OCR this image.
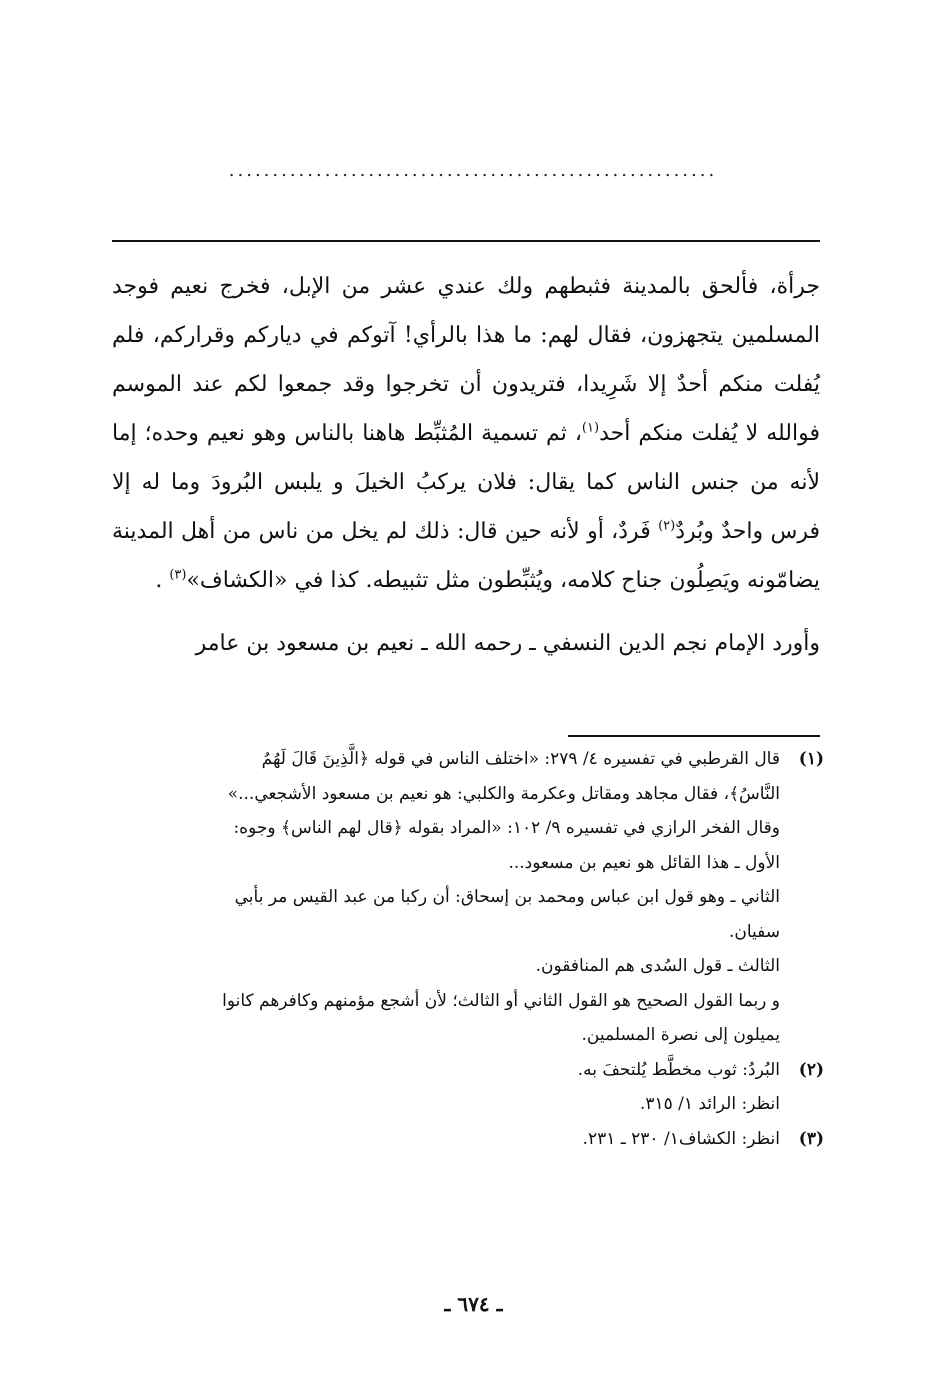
........................................................

جرأة، فألحق بالمدينة فثبطهم ولك عندي عشر من الإبل، فخرج نعيم فوجد المسلمين يتجهزون، فقال لهم: ما هذا بالرأي! آتوكم في دياركم وقراركم، فلم يُفلت منكم أحدٌ إلا شَرِيدا، فتريدون أن تخرجوا وقد جمعوا لكم عند الموسم فوالله لا يُفلت منكم أحد$^{(١)}$، ثم تسمية المُثبِّط هاهنا بالناس وهو نعيم وحده؛ إما لأنه من جنس الناس كما يقال: فلان يركبُ الخيلَ و يلبس البُرودَ وما له إلا فرس واحدٌ وبُردٌ$^{(٢)}$ فَردٌ، أو لأنه حين قال: ذلك لم يخل من ناس من أهل المدينة يضامّونه ويَصِلُون جناح كلامه، ويُثبِّطون مثل تثبيطه. كذا في «الكشاف»$^{(٣)}$ .

وأورد الإمام نجم الدين النسفي ـ رحمه الله ـ نعيم بن مسعود بن عامر

(١)
قال القرطبي في تفسيره ٤/ ٢٧٩: «اختلف الناس في قوله ﴿الَّذِينَ قَالَ لَهُمُ
النَّاسُ﴾، فقال مجاهد ومقاتل وعكرمة والكلبي: هو نعيم بن مسعود الأشجعي...»
وقال الفخر الرازي في تفسيره ٩/ ١٠٢: «المراد بقوله ﴿قال لهم الناس﴾ وجوه:
الأول ـ هذا القائل هو نعيم بن مسعود...
الثاني ـ وهو قول ابن عباس ومحمد بن إسحاق: أن ركبا من عبد القيس مر بأبي
سفيان.
الثالث ـ قول السُدى هم المنافقون.
و ربما القول الصحيح هو القول الثاني أو الثالث؛ لأن أشجع مؤمنهم وكافرهم كانوا
يميلون إلى نصرة المسلمين.
(٢)
البُردُ: ثوب مخطَّط يُلتحفَ به.
انظر: الرائد ١/ ٣١٥.
(٣)
انظر: الكشاف١/ ٢٣٠ ـ ٢٣١.
ـ ٦٧٤ ـ
